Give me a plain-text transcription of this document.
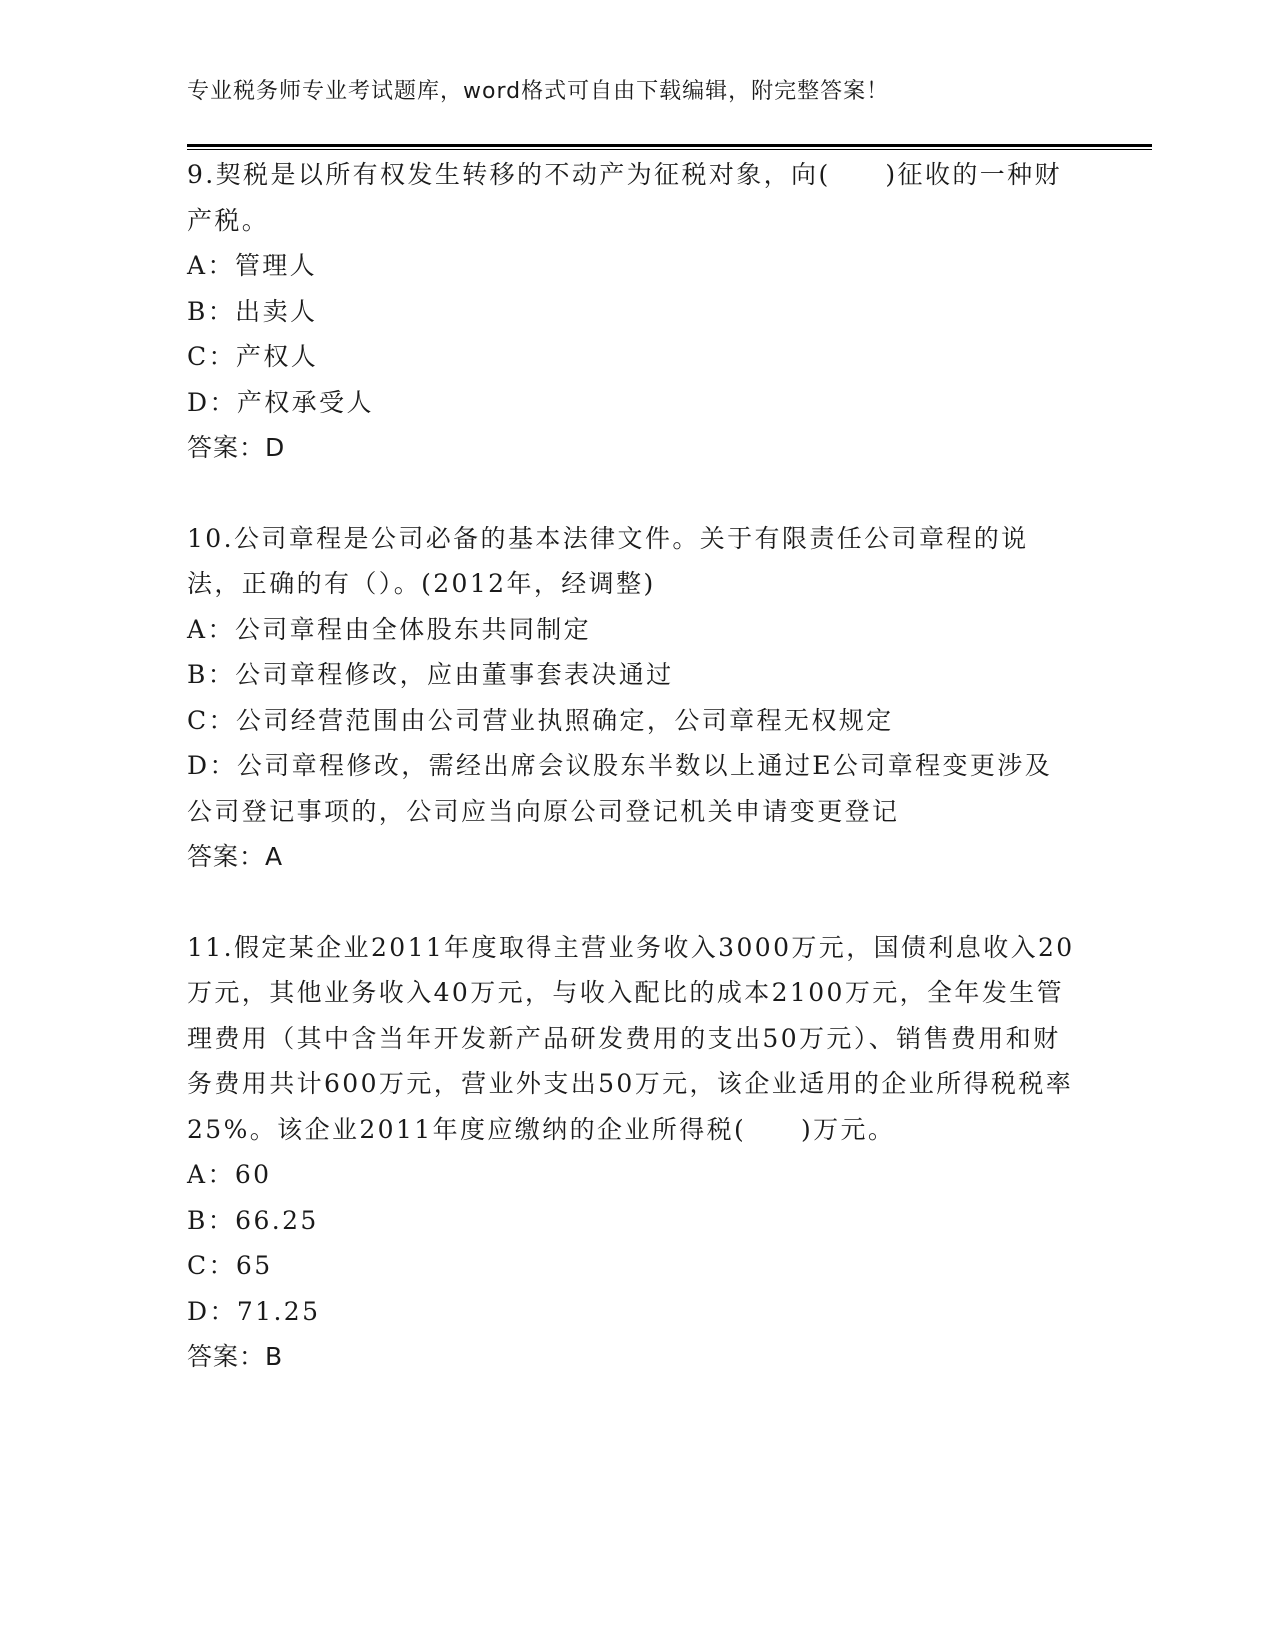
专业税务师专业考试题库，word格式可自由下载编辑，附完整答案！

9.契税是以所有权发生转移的不动产为征税对象，向(　　)征收的一种财产税。

A：管理人

B：出卖人

C：产权人

D：产权承受人

答案：D

10.公司章程是公司必备的基本法律文件。关于有限责任公司章程的说法，正确的有（）。(2012年，经调整)

A：公司章程由全体股东共同制定

B：公司章程修改，应由董事套表决通过

C：公司经营范围由公司营业执照确定，公司章程无权规定

D：公司章程修改，需经出席会议股东半数以上通过E公司章程变更涉及公司登记事项的，公司应当向原公司登记机关申请变更登记

答案：A

11.假定某企业2011年度取得主营业务收入3000万元，国债利息收入20万元，其他业务收入40万元，与收入配比的成本2100万元，全年发生管理费用（其中含当年开发新产品研发费用的支出50万元）、销售费用和财务费用共计600万元，营业外支出50万元，该企业适用的企业所得税税率25%。该企业2011年度应缴纳的企业所得税(　　)万元。

A：60

B：66.25

C：65

D：71.25

答案：B
